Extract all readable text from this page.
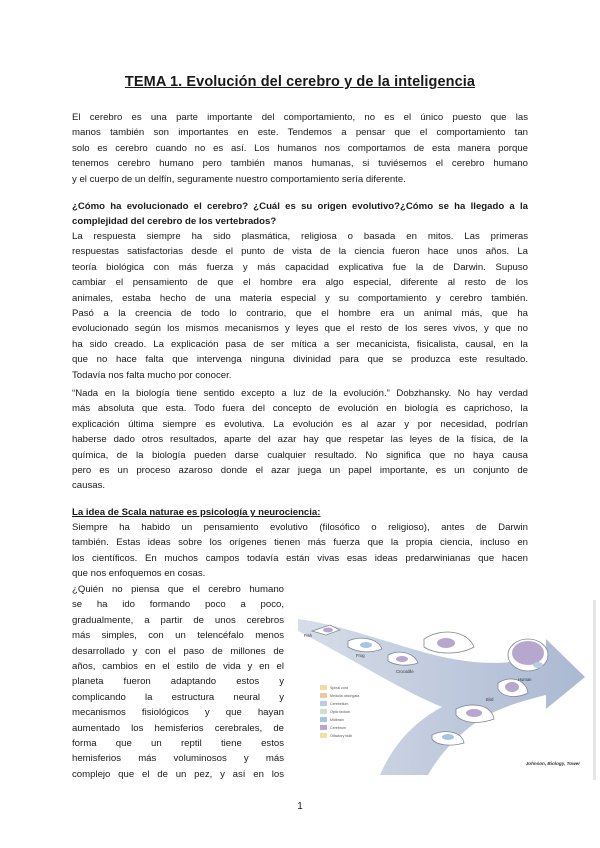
TEMA 1. Evolución del cerebro y de la inteligencia
El cerebro es una parte importante del comportamiento, no es el único puesto que las
manos también son importantes en este. Tendemos a pensar que el comportamiento tan
solo es cerebro cuando no es así. Los humanos nos comportamos de esta manera porque
tenemos cerebro humano pero también manos humanas, si tuviésemos el cerebro humano
y el cuerpo de un delfín, seguramente nuestro comportamiento sería diferente.
¿Cómo ha evolucionado el cerebro? ¿Cuál es su origen evolutivo?¿Cómo se ha llegado a la
complejidad del cerebro de los vertebrados?
La respuesta siempre ha sido plasmática, religiosa o basada en mitos. Las primeras
respuestas satisfactorias desde el punto de vista de la ciencia fueron hace unos años. La
teoría biológica con más fuerza y más capacidad explicativa fue la de Darwin. Supuso
cambiar el pensamiento de que el hombre era algo especial, diferente al resto de los
animales, estaba hecho de una materia especial y su comportamiento y cerebro también.
Pasó a la creencia de todo lo contrario, que el hombre era un animal más, que ha
evolucionado según los mismos mecanismos y leyes que el resto de los seres vivos, y que no
ha sido creado. La explicación pasa de ser mítica a ser mecanicista, fisicalista, causal, en la
que no hace falta que intervenga ninguna divinidad para que se produzca este resultado.
Todavía nos falta mucho por conocer.
“Nada en la biología tiene sentido excepto a luz de la evolución.” Dobzhansky. No hay verdad
más absoluta que esta. Todo fuera del concepto de evolución en biología es caprichoso, la
explicación última siempre es evolutiva. La evolución es al azar y por necesidad, podrían
haberse dado otros resultados, aparte del azar hay que respetar las leyes de la física, de la
química, de la biología pueden darse cualquier resultado. No significa que no haya causa
pero es un proceso azaroso donde el azar juega un papel importante, es un conjunto de
causas.
La idea de Scala naturae es psicología y neurociencia:
Siempre ha habido un pensamiento evolutivo (filosófico o religioso), antes de Darwin
también. Estas ideas sobre los orígenes tienen más fuerza que la propia ciencia, incluso en
los científicos. En muchos campos todavía están vivas esas ideas predarwinianas que hacen
que nos enfoquemos en cosas.
¿Quién no piensa que el cerebro humano
se ha ido formando poco a poco,
gradualmente, a partir de unos cerebros
más simples, con un telencéfalo menos
desarrollado y con el paso de millones de
años, cambios en el estilo de vida y en el
planeta fueron adaptando estos y
complicando la estructura neural y
mecanismos fisiológicos y que hayan
aumentado los hemisferios cerebrales, de
forma que un reptil tiene estos
hemisferios más voluminosos y más
complejo que el de un pez, y así en los
Fish
Frog
Crocodile
Bird
Human
Spinal cord
Medulla oblongata
Cerebellum
Optic tectum
Midbrain
Cerebrum
Olfactory bulb
Johnson, Biology, Tower
1
